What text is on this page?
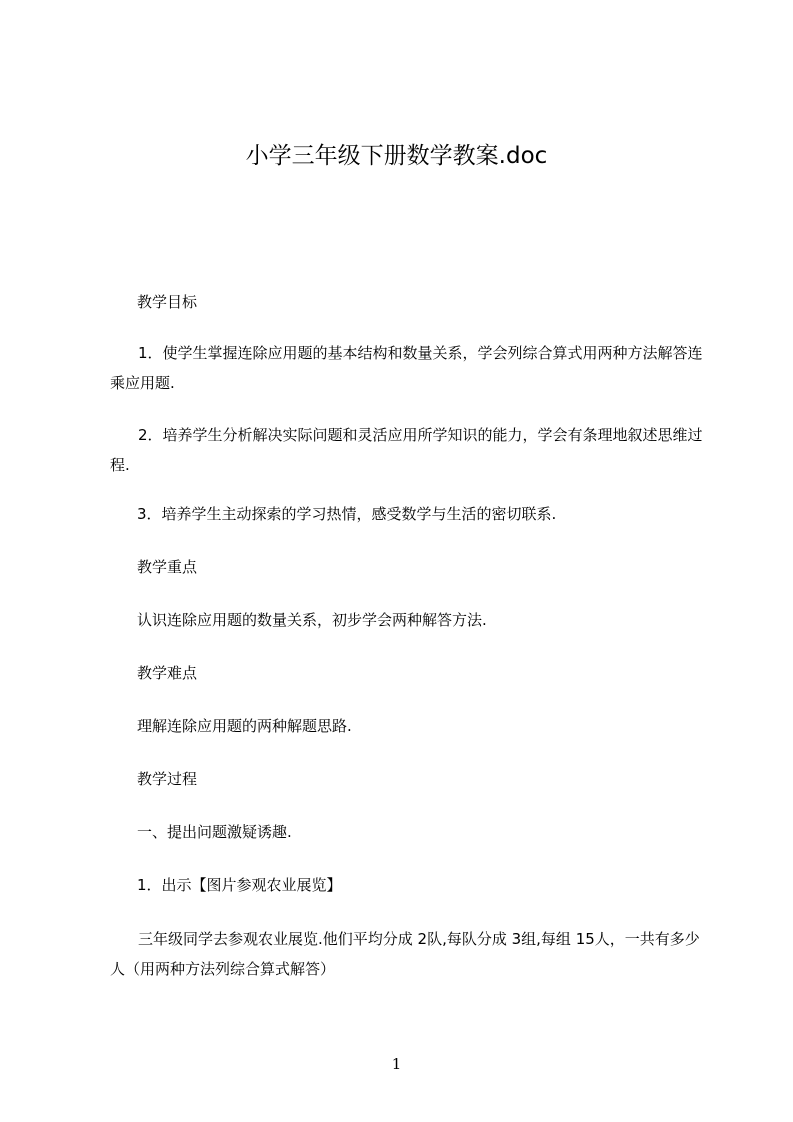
小学三年级下册数学教案.doc
教学目标
1．使学生掌握连除应用题的基本结构和数量关系，学会列综合算式用两种方法解答连乘应用题.
2．培养学生分析解决实际问题和灵活应用所学知识的能力，学会有条理地叙述思维过程.
3．培养学生主动探索的学习热情，感受数学与生活的密切联系.
教学重点
认识连除应用题的数量关系，初步学会两种解答方法.
教学难点
理解连除应用题的两种解题思路.
教学过程
一、提出问题激疑诱趣.
1．出示【图片参观农业展览】
三年级同学去参观农业展览.他们平均分成 2队,每队分成 3组,每组 15人，一共有多少人（用两种方法列综合算式解答）
1
